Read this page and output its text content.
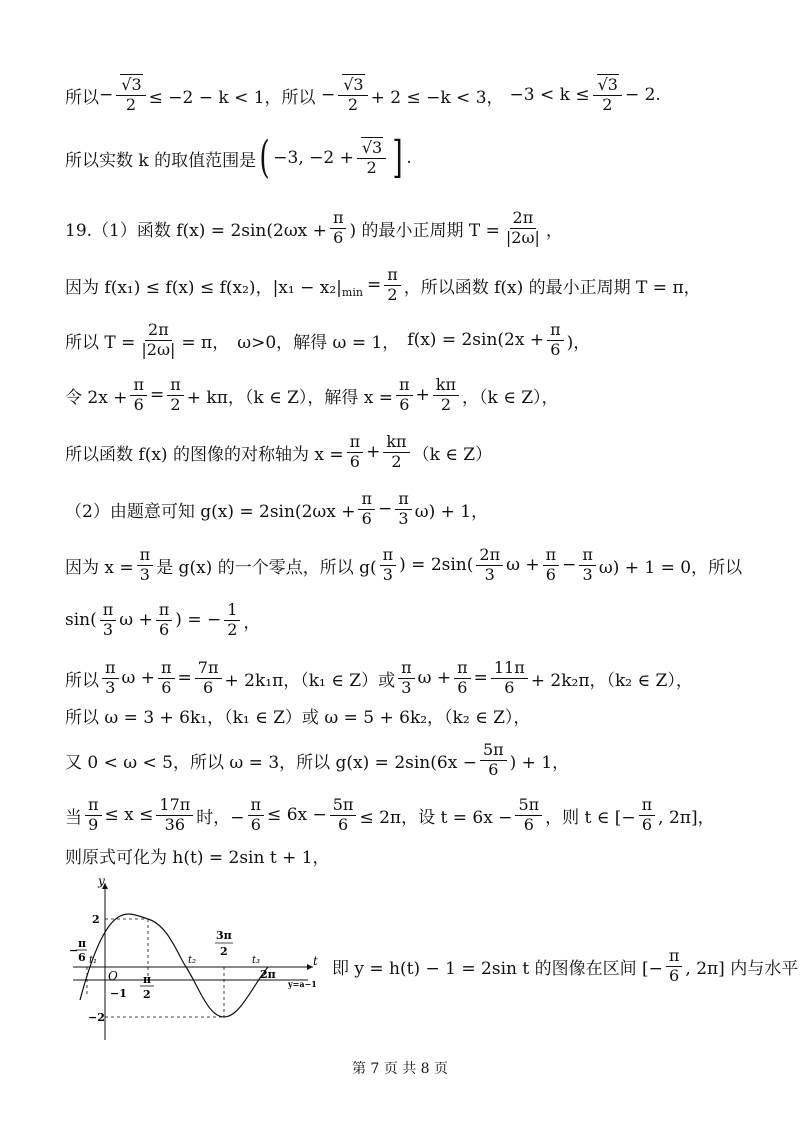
所以 − $\frac{√3}{2} \le -2 - k < 1$，所以 − $\frac{√3}{2} + 2 \le -k < 3$， $-3 < k \le \frac{√3}{2} - 2$.
所以实数 k 的取值范围是 ( −3, $-2 + \frac{√3}{2}$ ] .
19.（1）函数 $f(x) = 2\sin(2\omega x + \frac{\pi}{6}$ ) 的最小正周期 $T = \frac{2\pi}{|2\omega|}$ ，
因为 f(x₁) ≤ f(x) ≤ f(x₂)，|x₁ − x₂| $\min = \frac{\pi}{2}$ ，所以函数 f(x) 的最小正周期 T = π，
所以 $T = \frac{2\pi}{|2\omega|} = \pi$， ω>0，解得 ω = 1， $f(x) = 2\sin(2x + \frac{\pi}{6}$ )，
令 $2x + \frac{\pi}{6} = \frac{\pi}{2} + k\pi$，（k ∈ Z），解得 $x = \frac{\pi}{6} + \frac{k\pi}{2}$ ，（k ∈ Z），
所以函数 f(x) 的图像的对称轴为 $x = \frac{\pi}{6} + \frac{k\pi}{2} (k$ ∈ Z）
（2）由题意可知 $g(x) = 2\sin(2\omega x + \frac{\pi}{6} - \frac{\pi}{3} \omega) + 1$，
因为 $x = \frac{\pi}{3}$ 是 g(x) 的一个零点，所以 $g( \frac{\pi}{3}$ ) = $2\sin( \frac{2\pi}{3}$ $\omega + \frac{\pi}{6} - \frac{\pi}{3} \omega) + 1 = 0$，所以
$\sin( \frac{\pi}{3}$ $\omega + \frac{\pi}{6}$ ) = − $\frac{1}{2}$ ，
所以 $\frac{\pi}{3}$ $\omega + \frac{\pi}{6} = \frac{7\pi}{6} + 2k_1\pi$，（k₁ ∈ Z）或 $\frac{\pi}{3}$ $\omega + \frac{\pi}{6} = \frac{11\pi}{6} + 2k_2\pi$，（k₂ ∈ Z），
所以 ω = 3 + 6k₁，（k₁ ∈ Z）或 ω = 5 + 6k₂，（k₂ ∈ Z），
又 0 < ω < 5，所以 ω = 3，所以 $g(x) = 2\sin(6x - \frac{5\pi}{6}$ ) + 1，
当 $\frac{\pi}{9} \le x \le \frac{17\pi}{36}$ 时，− $\frac{\pi}{6} \le 6x - \frac{5\pi}{6} \le 2\pi$，设 $t = 6x - \frac{5\pi}{6}$ ，则 t ∈ [− $\frac{\pi}{6}$ , 2π]，
则原式可化为 h(t) = 2sin t + 1，
y
t
O
2
−1
−2
π
−
6 t₁	t₂	t₃
π
2
3π
2
2π
y=a−1
即 y = h(t) − 1 = 2sin t 的图像在区间 [− $\frac{\pi}{6}$ , 2π] 内与水平
第 7 页 共 8 页
